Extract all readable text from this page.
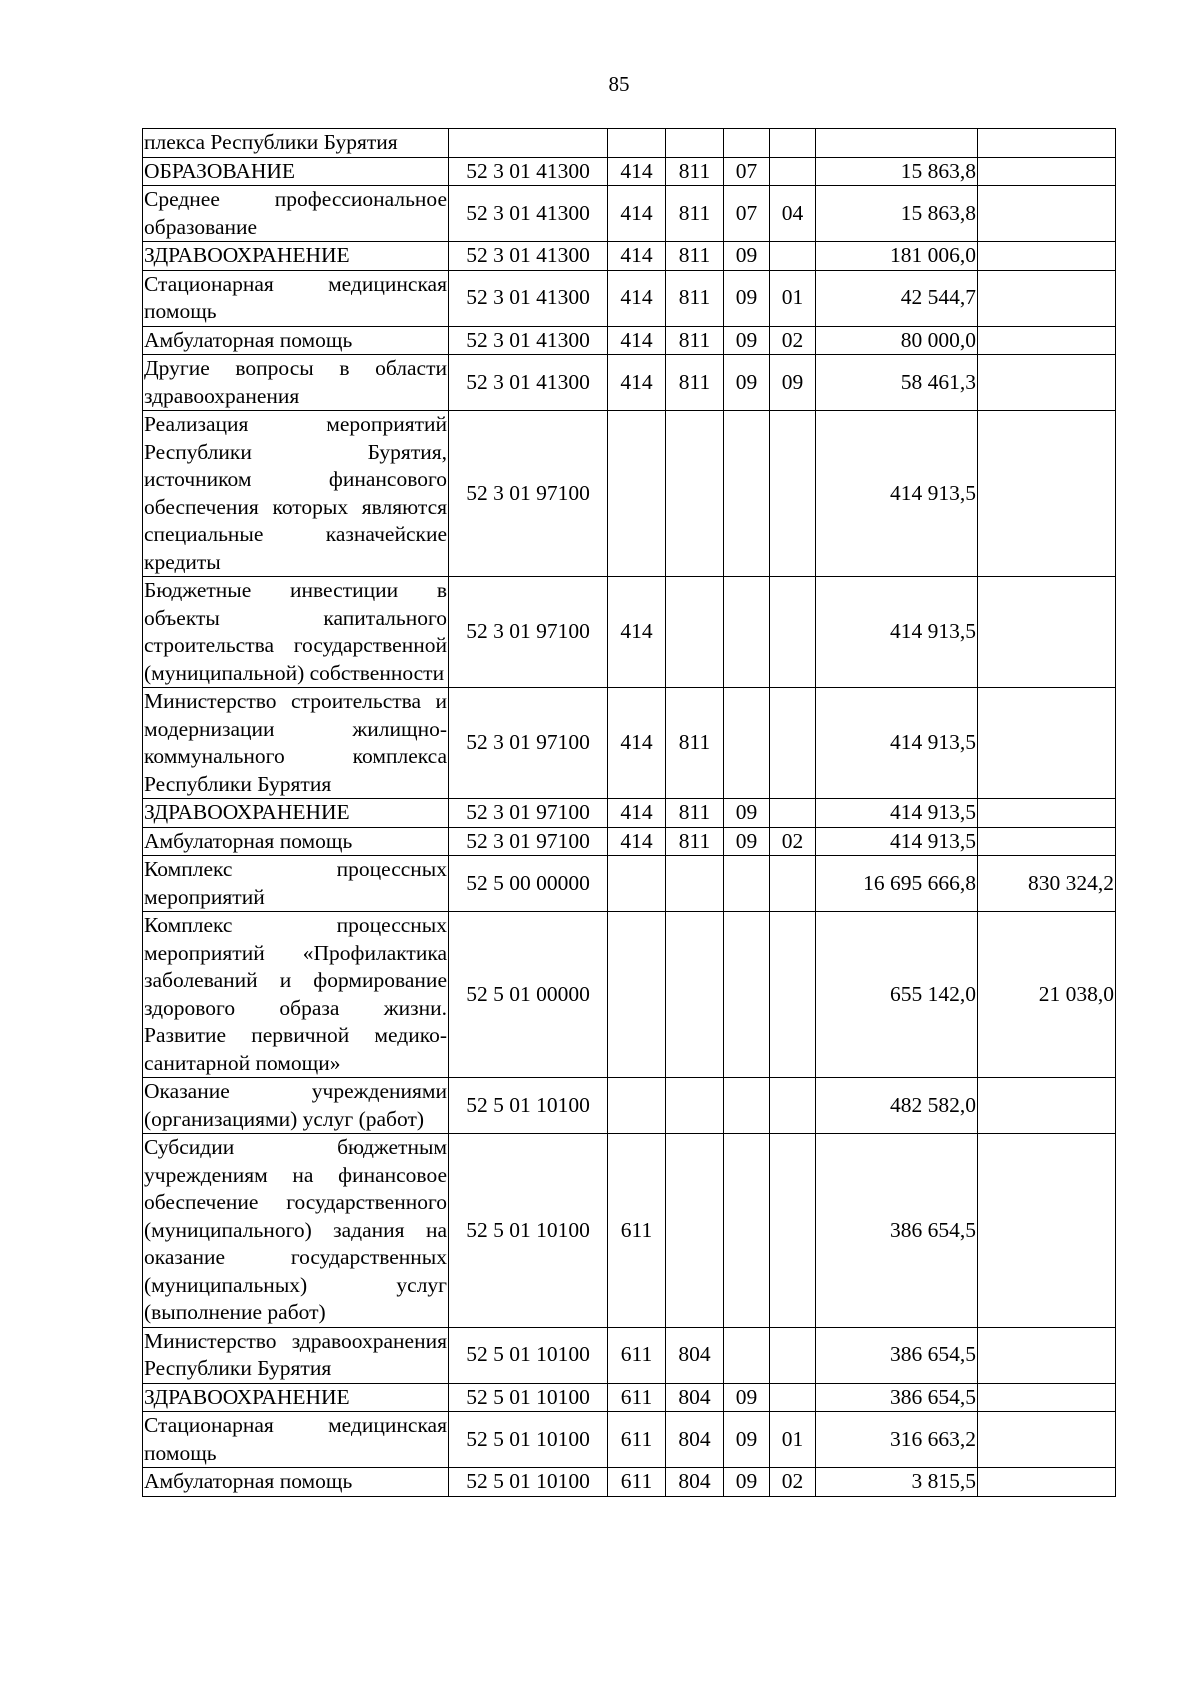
85
плекса Республики Бурятия							
ОБРАЗОВАНИЕ	52 3 01 41300	414	811	07		15 863,8	
Среднее профессиональное образование	52 3 01 41300	414	811	07	04	15 863,8	
ЗДРАВООХРАНЕНИЕ	52 3 01 41300	414	811	09		181 006,0	
Стационарная медицинская помощь	52 3 01 41300	414	811	09	01	42 544,7	
Амбулаторная помощь	52 3 01 41300	414	811	09	02	80 000,0	
Другие вопросы в области здравоохранения	52 3 01 41300	414	811	09	09	58 461,3	
Реализация мероприятий Республики Бурятия, источником финансового обеспечения которых являются специальные казначейские кредиты	52 3 01 97100					414 913,5	
Бюджетные инвестиции в объекты капитального строительства государственной (муниципальной) собственности	52 3 01 97100	414				414 913,5	
Министерство строительства и модернизации жилищно-коммунального комплекса Республики Бурятия	52 3 01 97100	414	811			414 913,5	
ЗДРАВООХРАНЕНИЕ	52 3 01 97100	414	811	09		414 913,5	
Амбулаторная помощь	52 3 01 97100	414	811	09	02	414 913,5	
Комплекс процессных мероприятий	52 5 00 00000					16 695 666,8	830 324,2
Комплекс процессных мероприятий «Профилактика заболеваний и формирование здорового образа жизни. Развитие первичной медико-санитарной помощи»	52 5 01 00000					655 142,0	21 038,0
Оказание учреждениями (организациями) услуг (работ)	52 5 01 10100					482 582,0	
Субсидии бюджетным учреждениям на финансовое обеспечение государственного (муниципального) задания на оказание государственных (муниципальных) услуг (выполнение работ)	52 5 01 10100	611				386 654,5	
Министерство здравоохранения Республики Бурятия	52 5 01 10100	611	804			386 654,5	
ЗДРАВООХРАНЕНИЕ	52 5 01 10100	611	804	09		386 654,5	
Стационарная медицинская помощь	52 5 01 10100	611	804	09	01	316 663,2	
Амбулаторная помощь	52 5 01 10100	611	804	09	02	3 815,5	
